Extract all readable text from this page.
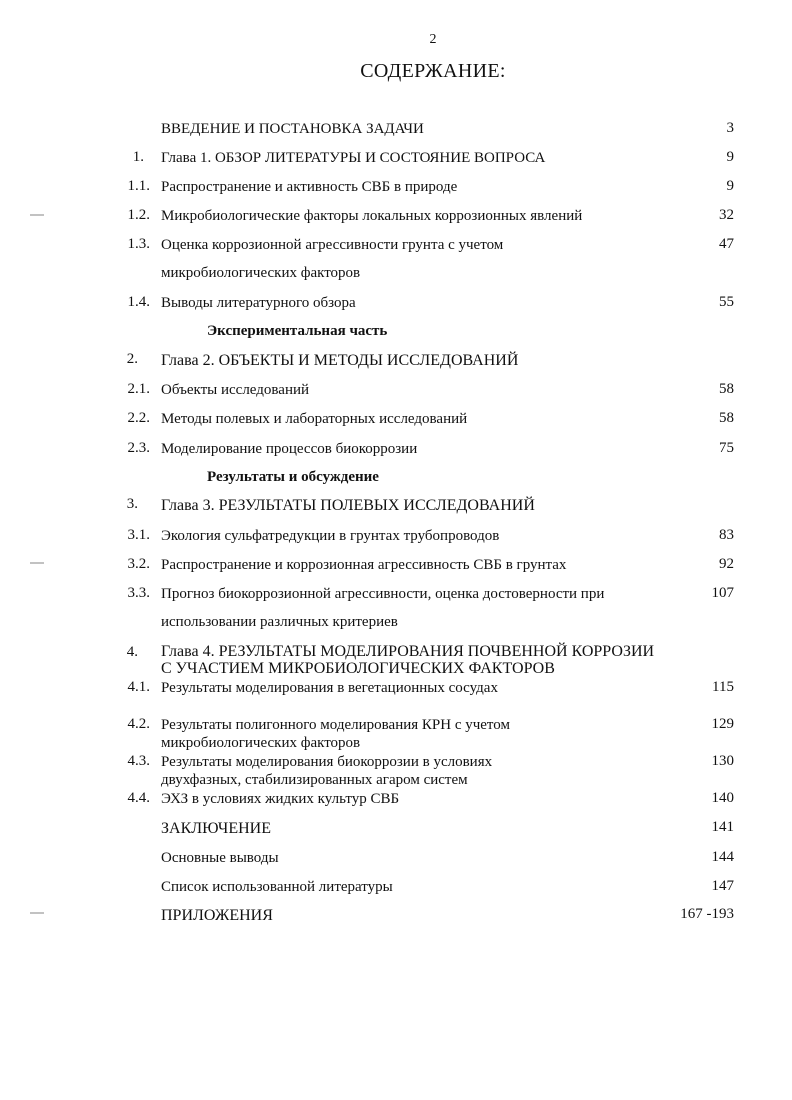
2
СОДЕРЖАНИЕ:
ВВЕДЕНИЕ И ПОСТАНОВКА ЗАДАЧИ	3
1. Глава 1. ОБЗОР ЛИТЕРАТУРЫ И СОСТОЯНИЕ ВОПРОСА	9
1.1. Распространение и активность СВБ в природе	9
1.2. Микробиологические факторы локальных коррозионных явлений	32
1.3. Оценка коррозионной агрессивности грунта с учетом	47
микробиологических факторов
1.4. Выводы литературного обзора	55
Экспериментальная часть
2. Глава 2. ОБЪЕКТЫ И МЕТОДЫ ИССЛЕДОВАНИЙ
2.1. Объекты исследований	58
2.2. Методы полевых и лабораторных исследований	58
2.3. Моделирование процессов биокоррозии	75
Результаты и обсуждение
3. Глава 3. РЕЗУЛЬТАТЫ ПОЛЕВЫХ ИССЛЕДОВАНИЙ
3.1. Экология сульфатредукции в грунтах трубопроводов	83
3.2. Распространение и коррозионная агрессивность СВБ в грунтах	92
3.3. Прогноз биокоррозионной агрессивности, оценка достоверности при	107
использовании различных критериев
4. Глава 4. РЕЗУЛЬТАТЫ МОДЕЛИРОВАНИЯ ПОЧВЕННОЙ КОРРОЗИИ
С УЧАСТИЕМ МИКРОБИОЛОГИЧЕСКИХ ФАКТОРОВ
4.1. Результаты моделирования в вегетационных сосудах	115
4.2. Результаты полигонного моделирования КРН с учетом	129
микробиологических факторов
4.3. Результаты моделирования биокоррозии в условиях	130
двухфазных, стабилизированных агаром систем
4.4. ЭХЗ в условиях жидких культур СВБ	140
ЗАКЛЮЧЕНИЕ	141
Основные выводы	144
Список использованной литературы	147
ПРИЛОЖЕНИЯ	167 -193
